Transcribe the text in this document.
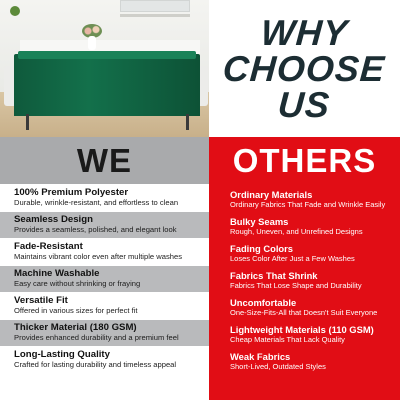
WHY
CHOOSE
US
WE	OTHERS
100% Premium Polyester
Durable, wrinkle-resistant, and effortless to clean
Seamless Design
Provides a seamless, polished, and elegant look
Fade-Resistant
Maintains vibrant color even after multiple washes
Machine Washable
Easy care without shrinking or fraying
Versatile Fit
Offered in various sizes for perfect fit
Thicker Material (180 GSM)
Provides enhanced durability and a premium feel
Long-Lasting Quality
Crafted for lasting durability and timeless appeal
Ordinary Materials
Ordinary Fabrics That Fade and Wrinkle Easily
Bulky Seams
Rough, Uneven, and Unrefined Designs
Fading Colors
Loses Color After Just a Few Washes
Fabrics That Shrink
Fabrics That Lose Shape and Durability
Uncomfortable
One-Size-Fits-All that Doesn't Suit Everyone
Lightweight Materials (110 GSM)
Cheap Materials That Lack Quality
Weak Fabrics
Short-Lived, Outdated Styles
